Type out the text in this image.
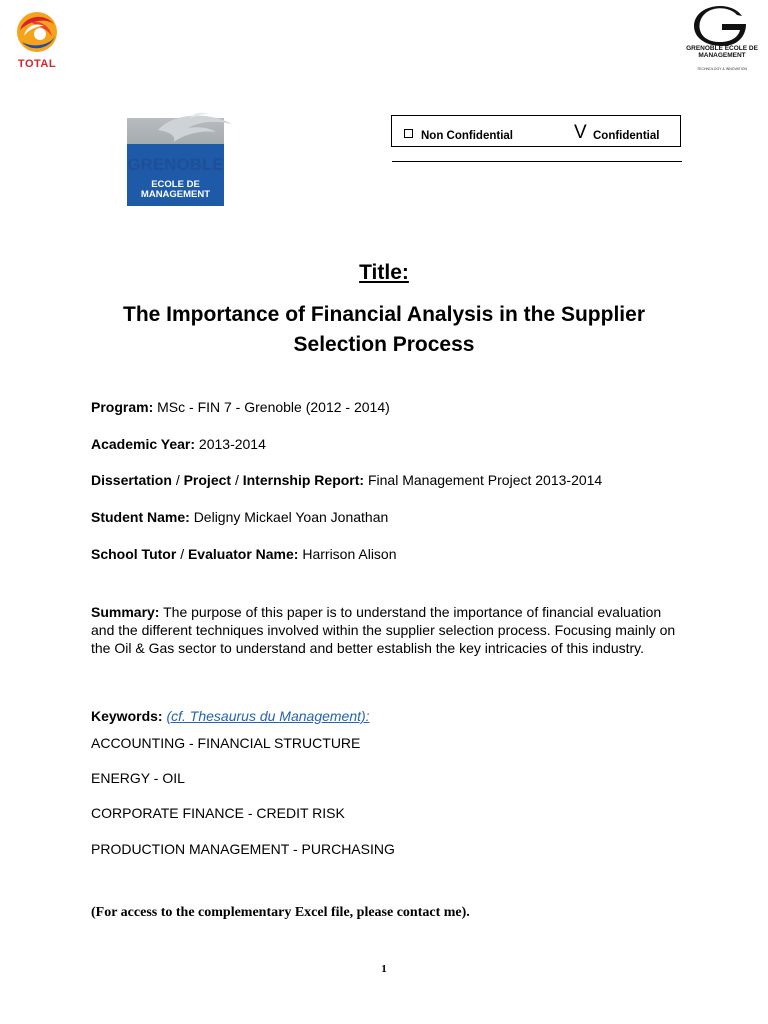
TOTAL
GRENOBLE ECOLE DE MANAGEMENT
TECHNOLOGY & INNOVATION
GRENOBLE
ECOLE DE MANAGEMENT
Non Confidential	V Confidential
Title:
The Importance of Financial Analysis in the Supplier Selection Process
Program: MSc - FIN 7 - Grenoble (2012 - 2014)
Academic Year: 2013-2014
Dissertation / Project / Internship Report: Final Management Project 2013-2014
Student Name: Deligny Mickael Yoan Jonathan
School Tutor / Evaluator Name: Harrison Alison
Summary: The purpose of this paper is to understand the importance of financial evaluation and the different techniques involved within the supplier selection process. Focusing mainly on the Oil & Gas sector to understand and better establish the key intricacies of this industry.
Keywords: (cf. Thesaurus du Management):
ACCOUNTING - FINANCIAL STRUCTURE
ENERGY - OIL
CORPORATE FINANCE - CREDIT RISK
PRODUCTION MANAGEMENT - PURCHASING
(For access to the complementary Excel file, please contact me).
1
